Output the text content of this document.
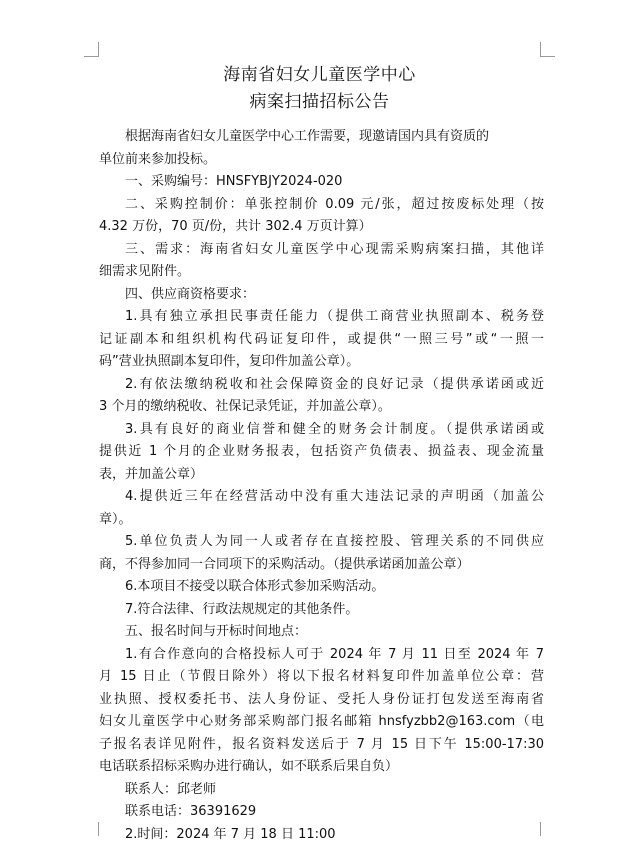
海南省妇女儿童医学中心
病案扫描招标公告
根据海南省妇女儿童医学中心工作需要，现邀请国内具有资质的
单位前来参加投标。
一、采购编号：HNSFYBJY2024-020
二、采购控制价：单张控制价 0.09 元/张，超过按废标处理（按
4.32 万份，70 页/份，共计 302.4 万页计算）
三、需求：海南省妇女儿童医学中心现需采购病案扫描，其他详
细需求见附件。
四、供应商资格要求：
1.具有独立承担民事责任能力（提供工商营业执照副本、税务登
记证副本和组织机构代码证复印件，或提供“一照三号”或“一照一
码”营业执照副本复印件，复印件加盖公章）。
2.有依法缴纳税收和社会保障资金的良好记录（提供承诺函或近
3 个月的缴纳税收、社保记录凭证，并加盖公章）。
3.具有良好的商业信誉和健全的财务会计制度。（提供承诺函或
提供近 1 个月的企业财务报表，包括资产负债表、损益表、现金流量
表，并加盖公章）
4.提供近三年在经营活动中没有重大违法记录的声明函（加盖公
章）。
5.单位负责人为同一人或者存在直接控股、管理关系的不同供应
商，不得参加同一合同项下的采购活动。（提供承诺函加盖公章）
6.本项目不接受以联合体形式参加采购活动。
7.符合法律、行政法规规定的其他条件。
五、报名时间与开标时间地点：
1.有合作意向的合格投标人可于 2024 年 7 月 11 日至 2024 年 7
月 15 日止（节假日除外）将以下报名材料复印件加盖单位公章：营
业执照、授权委托书、法人身份证、受托人身份证打包发送至海南省
妇女儿童医学中心财务部采购部门报名邮箱 hnsfyzbb2@163.com（电
子报名表详见附件，报名资料发送后于 7 月 15 日下午 15:00-17:30
电话联系招标采购办进行确认，如不联系后果自负）
联系人：邱老师
联系电话：36391629
2.时间：2024 年 7 月 18 日 11:00
